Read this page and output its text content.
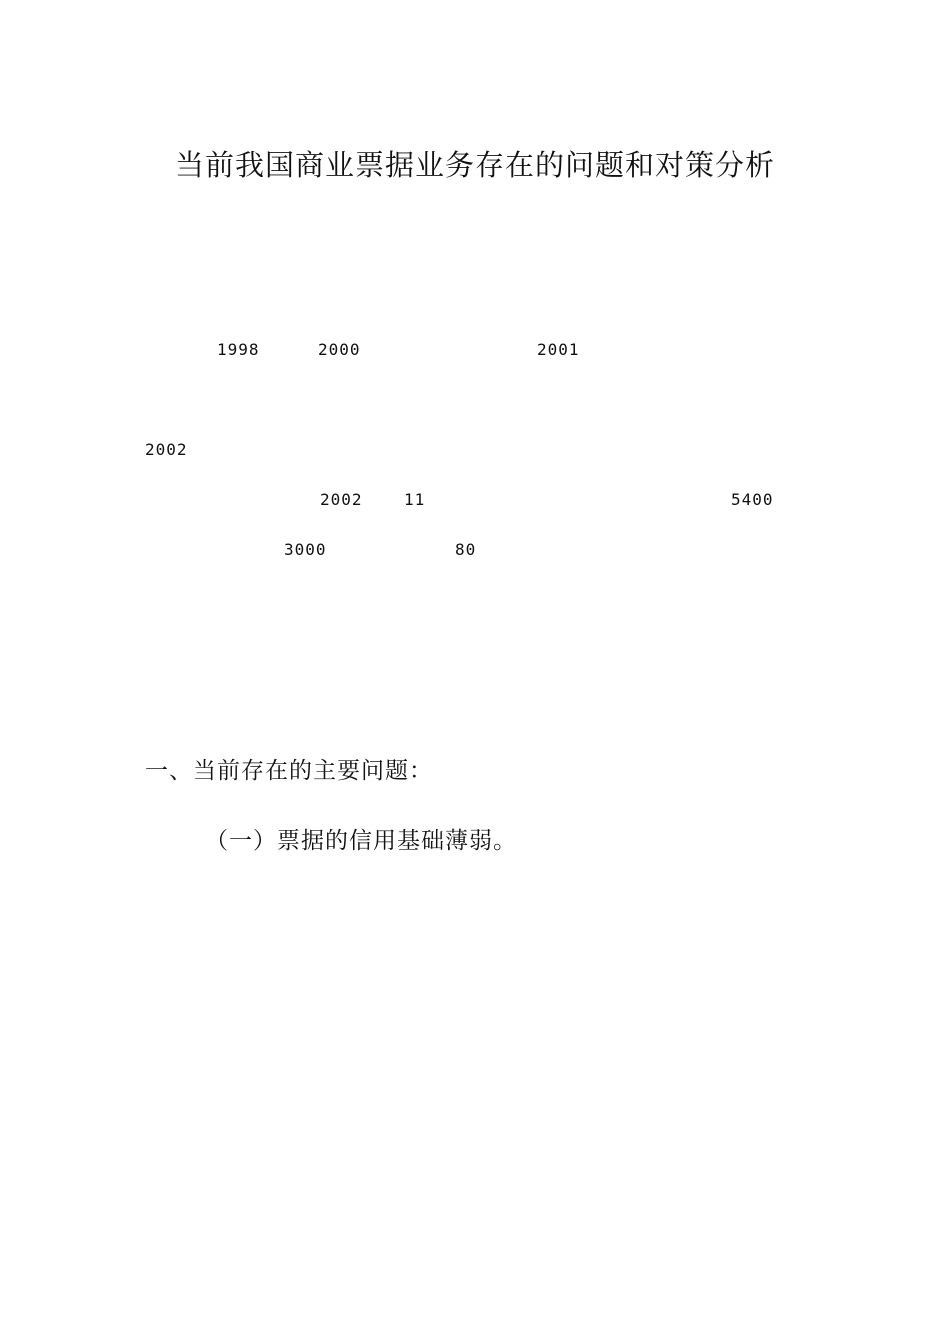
当前我国商业票据业务存在的问题和对策分析

1998

	2000

	2001

2002

2002

	11

	5400

3000

	80

一、当前存在的主要问题：
（一）票据的信用基础薄弱。
